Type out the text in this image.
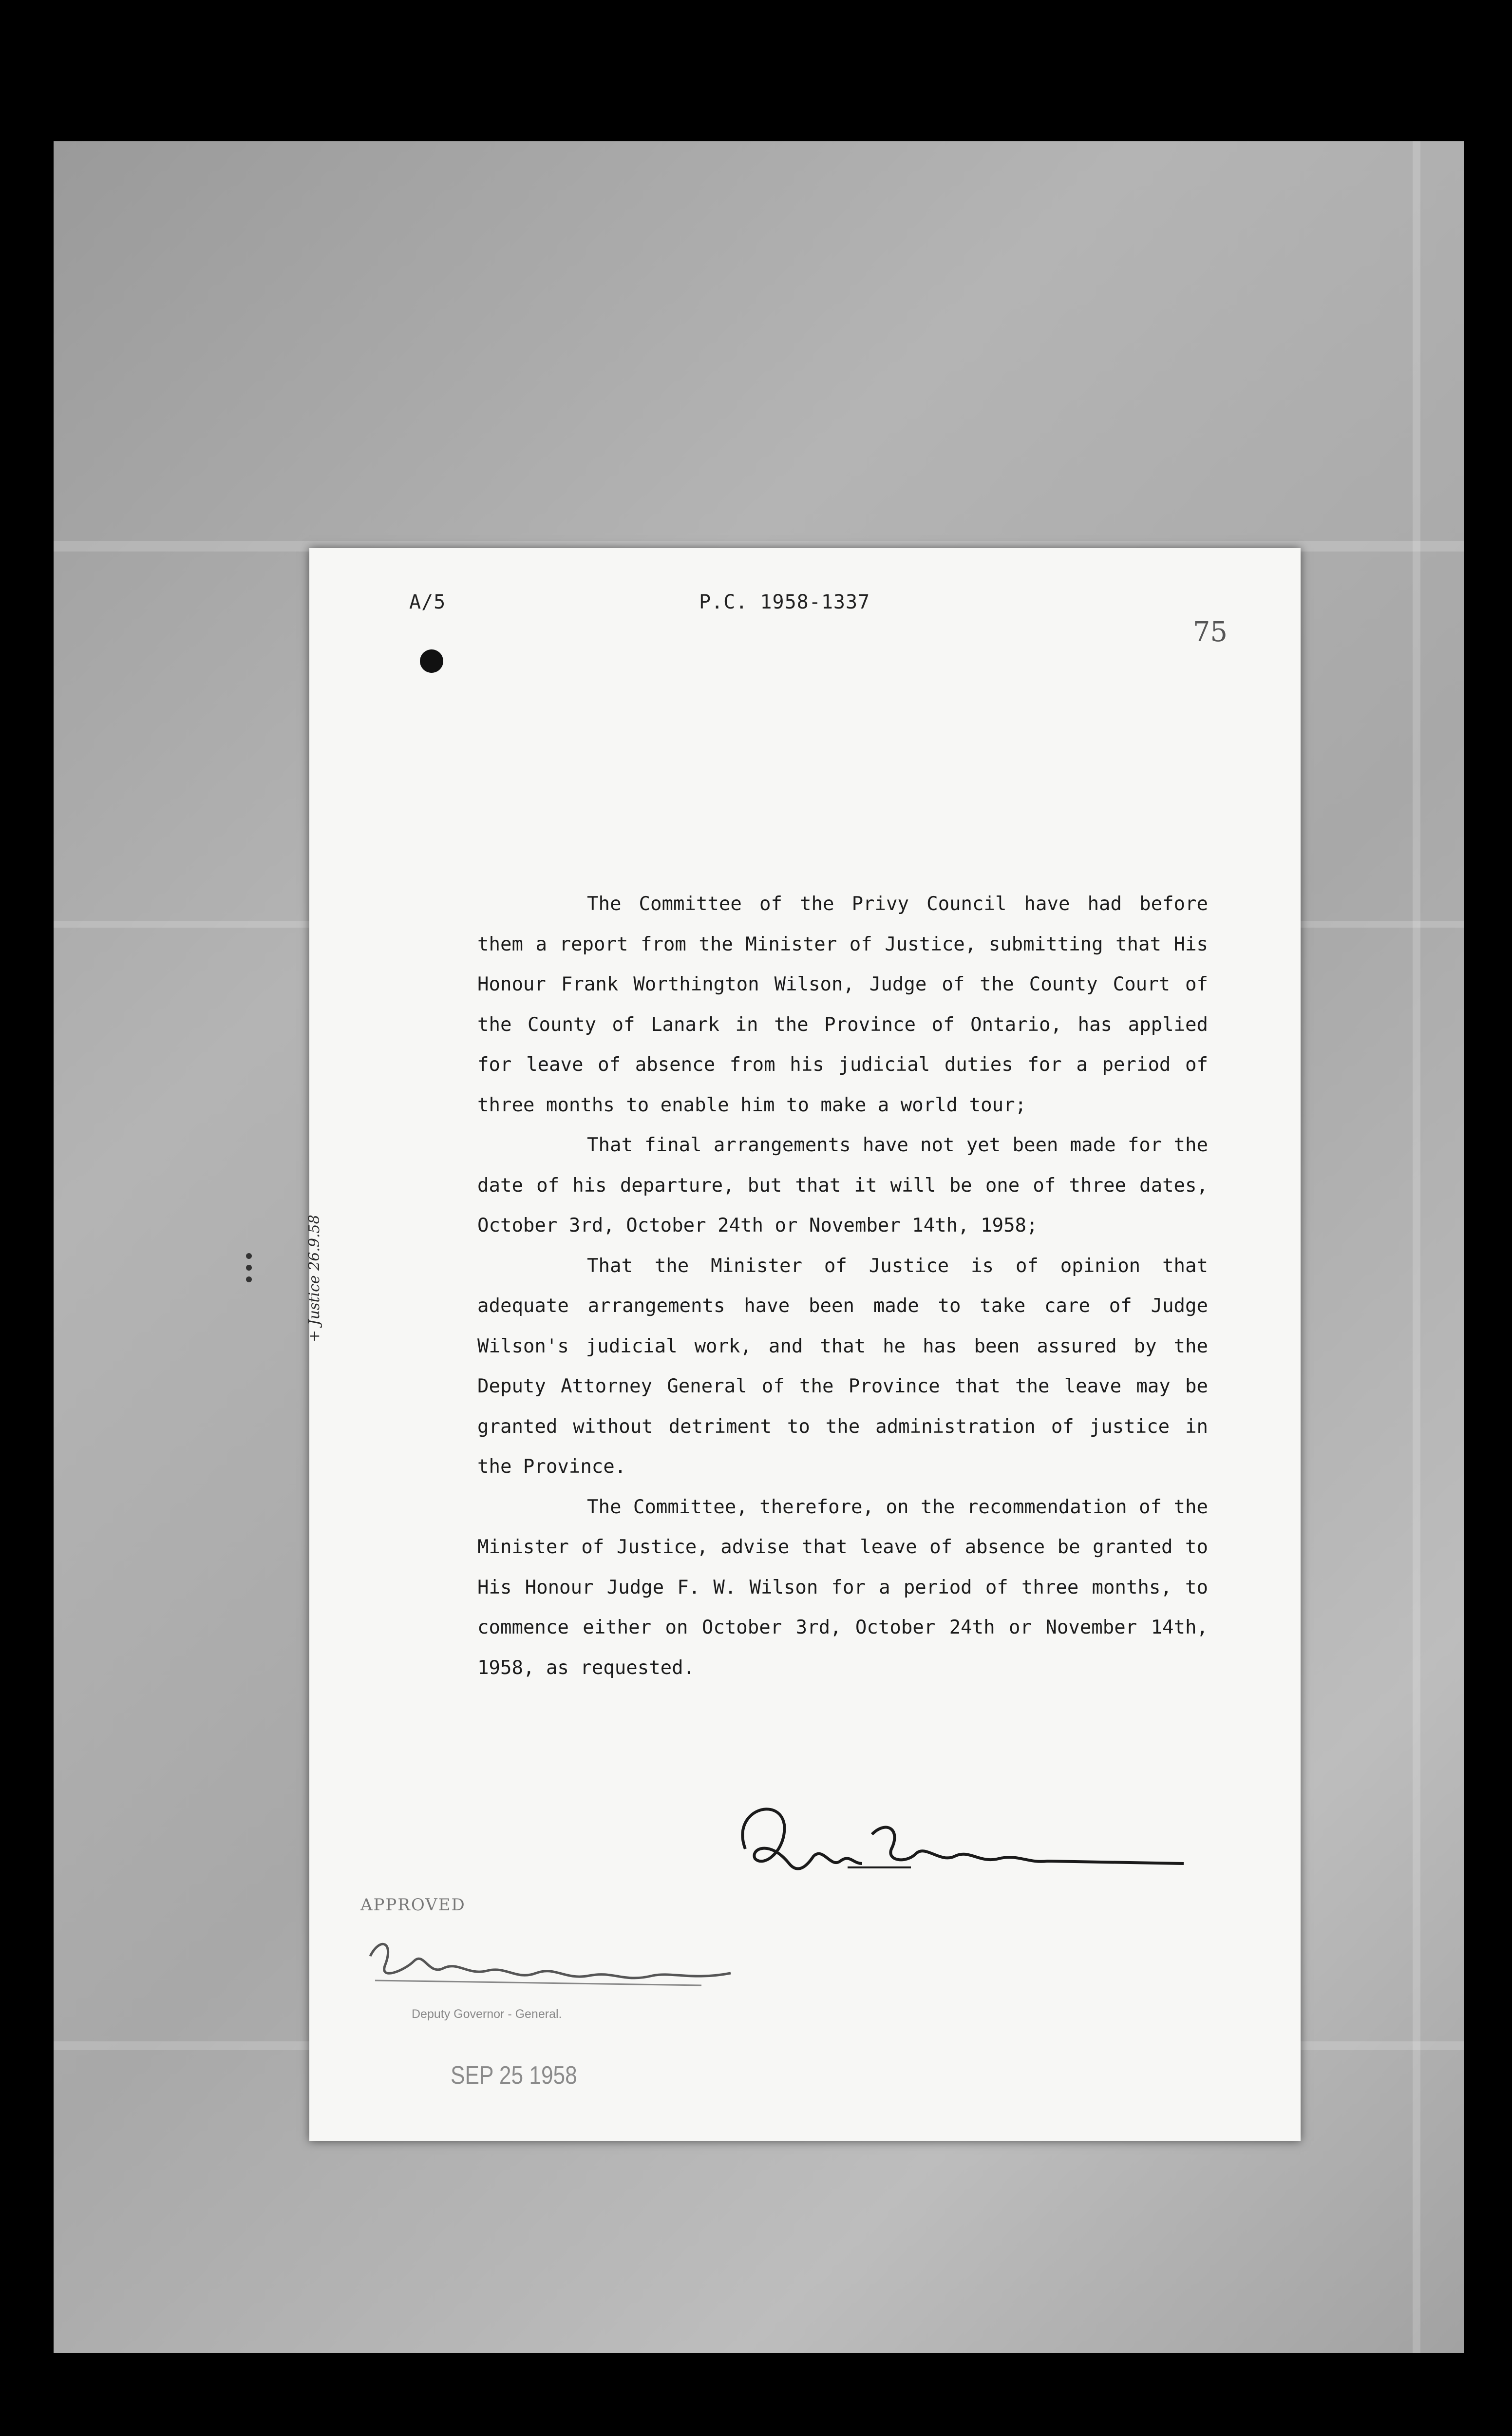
A/5	P.C. 1958-1337
75

The Committee of the Privy Council have had before them a report from the Minister of Justice, submitting that His Honour Frank Worthington Wilson, Judge of the County Court of the County of Lanark in the Province of Ontario, has applied for leave of absence from his judicial duties for a period of three months to enable him to make a world tour;

That final arrangements have not yet been made for the date of his departure, but that it will be one of three dates, October 3rd, October 24th or November 14th, 1958;

That the Minister of Justice is of opinion that adequate arrangements have been made to take care of Judge Wilson's judicial work, and that he has been assured by the Deputy Attorney General of the Province that the leave may be granted without detriment to the administration of justice in the Province.

The Committee, therefore, on the recommendation of the Minister of Justice, advise that leave of absence be granted to His Honour Judge F. W. Wilson for a period of three months, to commence either on October 3rd, October 24th or November 14th, 1958, as requested.

APPROVED
Deputy Governor - General.
SEP 25 1958
+ Justice 26.9.58
